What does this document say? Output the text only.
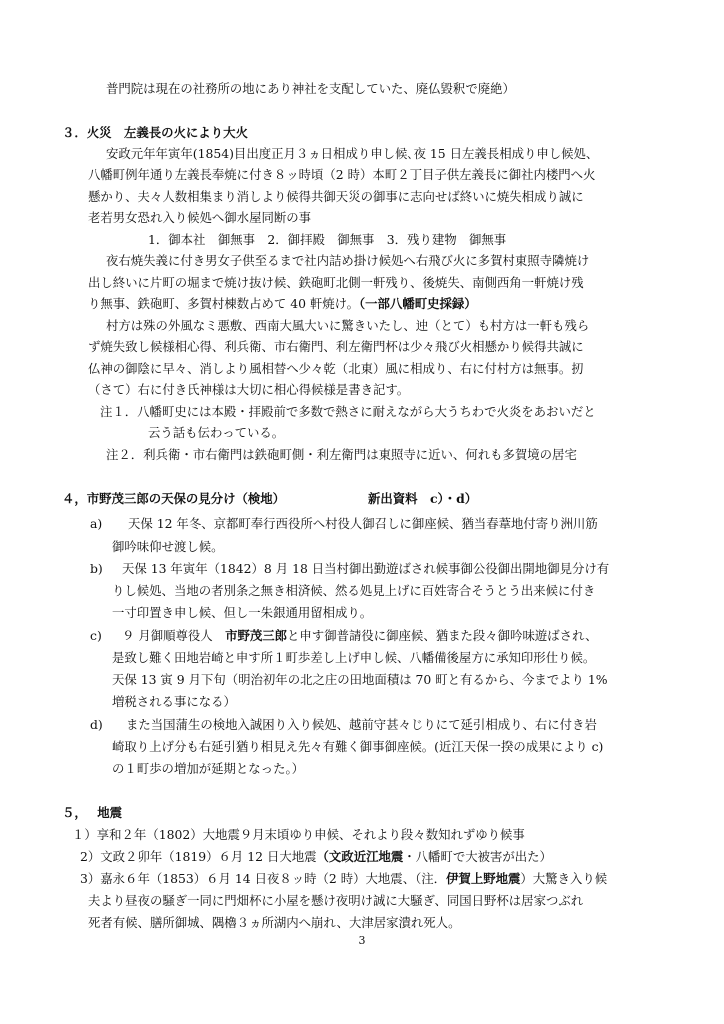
普門院は現在の社務所の地にあり神社を支配していた、廃仏毀釈で廃絶）
３．火災　左義長の火により大火
安政元年年寅年(1854)目出度正月３ヵ日相成り申し候､夜 15 日左義長相成り申し候処、
八幡町例年通り左義長奉焼に付き８ッ時頃（2 時）本町２丁目子供左義長に御社内楼門へ火
懸かり、夫々人数相集まり消しより候得共御天災の御事に志向せば終いに焼失相成り誠に
老若男女恐れ入り候処へ御水屋同断の事
1．御本社　御無事　2．御拝殿　御無事　3．残り建物　御無事
夜右焼失義に付き男女子供至るまで社内詰め掛け候処へ右飛び火に多賀村東照寺隣焼け
出し終いに片町の堀まで焼け抜け候、鉄砲町北側一軒残り、後焼失、南側西角一軒焼け残
り無事、鉄砲町、多賀村棟数占めて 40 軒焼け。（一部八幡町史採録）
村方は殊の外風なミ悪敷、西南大風大いに驚きいたし、迚（とて）も村方は一軒も残ら
ず焼失致し候様相心得、利兵衛、市右衛門、利左衛門杯は少々飛び火相懸かり候得共誠に
仏神の御陰に早々、消しより風相替へ少々乾（北東）風に相成り、右に付村方は無事。扨
（さて）右に付き氏神様は大切に相心得候様是書き記す。
注１．八幡町史には本殿・拝殿前で多数で熱さに耐えながら大うちわで火炎をあおいだと
云う話も伝わっている。
注２．利兵衛・市右衛門は鉄砲町側・利左衛門は東照寺に近い、何れも多賀境の居宅
４，市野茂三郎の天保の見分け（検地）	新出資料　c）・d）
a) 天保 12 年冬、京都町奉行西役所へ村役人御召しに御座候、猶当春葦地付寄り洲川筋
御吟味仰せ渡し候。
b) 天保 13 年寅年（1842）8 月 18 日当村御出勤遊ばされ候事御公役御出開地御見分け有
りし候処、当地の者別条之無き相済候、然る処見上げに百姓寄合そうとう出来候に付き
一寸印置き申し候、但し一朱銀通用留相成り。
c) ９ 月御順尊役人　市野茂三郎と申す御普請役に御座候、猶また段々御吟味遊ばされ、
是致し難く田地岩崎と申す所１町歩差し上げ申し候、八幡備後屋方に承知印形仕り候。
天保 13 寅 9 月下旬（明治初年の北之庄の田地面積は 70 町と有るから、今までより 1%
増税される事になる）
d) また当国蒲生の検地入誠困り入り候処、越前守甚々じりにて延引相成り、右に付き岩
崎取り上げ分も右延引猶り相見え先々有難く御事御座候。(近江天保一揆の成果により c)
の１町歩の増加が延期となった。）
５，　 地震
１）享和２年（1802）大地震９月末頃ゆり申候、それより段々数知れずゆり候事
2）文政２卯年（1819）６月 12 日大地震（文政近江地震・八幡町で大被害が出た）
3）嘉永６年（1853）６月 14 日夜８ッ時（2 時）大地震、（注．伊賀上野地震）大驚き入り候
夫より昼夜の騒ぎ一同に門畑杯に小屋を懸け夜明け誠に大騒ぎ、同国日野杯は居家つぶれ
死者有候、膳所御城、隅櫓３ヵ所湖内へ崩れ、大津居家潰れ死人。
3
